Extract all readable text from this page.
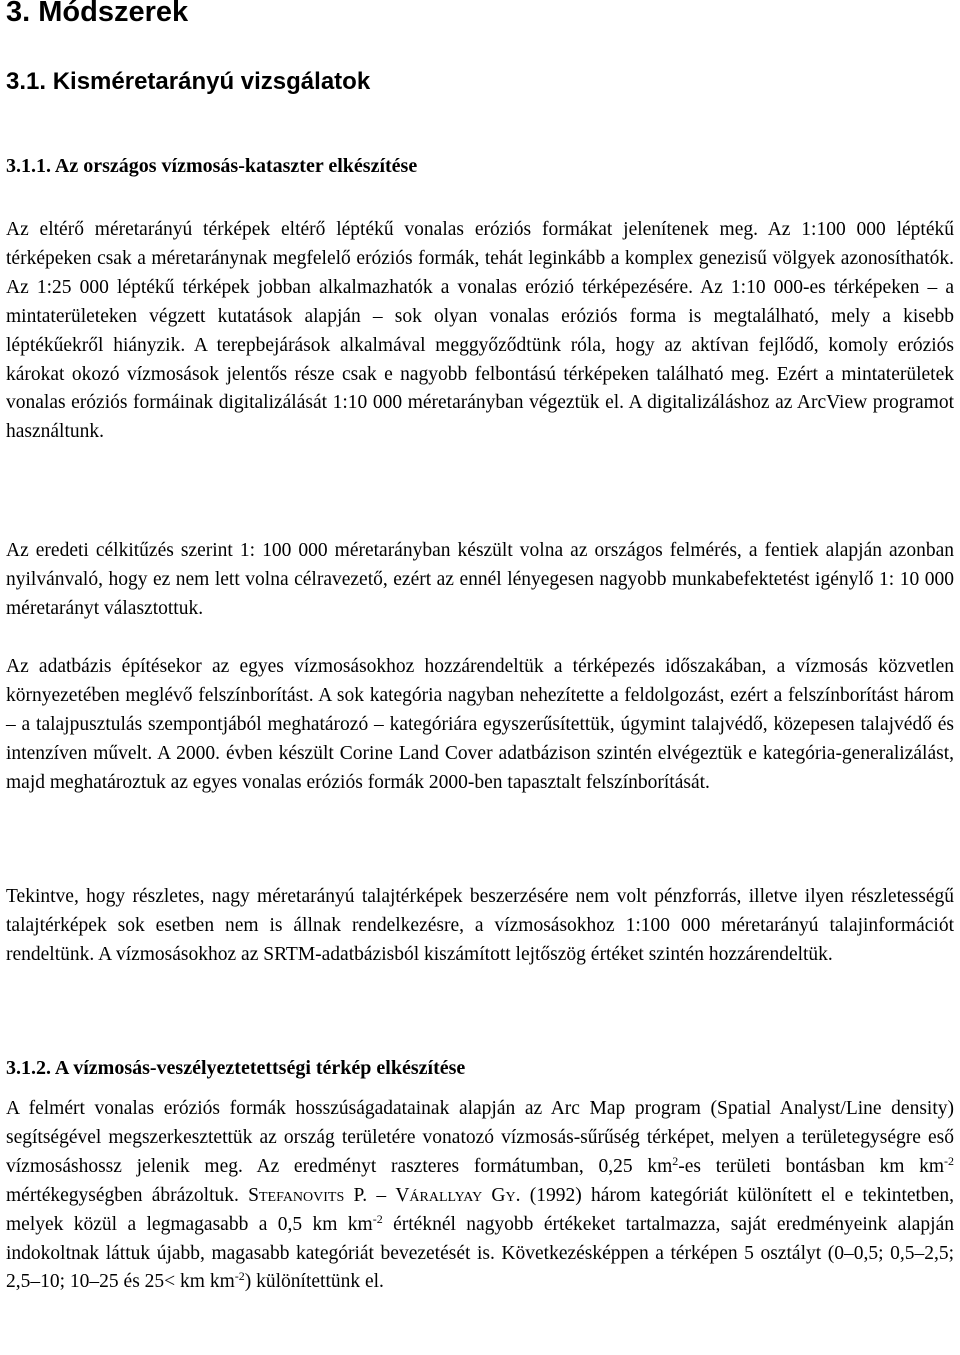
3. Módszerek
3.1. Kisméretarányú vizsgálatok
3.1.1. Az országos vízmosás-kataszter elkészítése

Az eltérő méretarányú térképek eltérő léptékű vonalas eróziós formákat jelenítenek meg. Az 1:100 000 léptékű térképeken csak a méretaránynak megfelelő eróziós formák, tehát leginkább a komplex genezisű völgyek azonosíthatók. Az 1:25 000 léptékű térképek jobban alkalmazhatók a vonalas erózió térképezésére. Az 1:10 000-es térképeken – a mintaterületeken végzett kutatások alapján – sok olyan vonalas eróziós forma is megtalálható, mely a kisebb léptékűekről hiányzik. A terepbejárások alkalmával meggyőződtünk róla, hogy az aktívan fejlődő, komoly eróziós károkat okozó vízmosások jelentős része csak e nagyobb felbontású térképeken található meg. Ezért a mintaterületek vonalas eróziós formáinak digitalizálását 1:10 000 méretarányban végeztük el. A digitalizáláshoz az ArcView programot használtunk.

Az eredeti célkitűzés szerint 1: 100 000 méretarányban készült volna az országos felmérés, a fentiek alapján azonban nyilvánvaló, hogy ez nem lett volna célravezető, ezért az ennél lényegesen nagyobb munkabefektetést igénylő 1: 10 000 méretarányt választottuk.

Az adatbázis építésekor az egyes vízmosásokhoz hozzárendeltük a térképezés időszakában, a vízmosás közvetlen környezetében meglévő felszínborítást. A sok kategória nagyban nehezítette a feldolgozást, ezért a felszínborítást három – a talajpusztulás szempontjából meghatározó – kategóriára egyszerűsítettük, úgymint talajvédő, közepesen talajvédő és intenzíven művelt. A 2000. évben készült Corine Land Cover adatbázison szintén elvégeztük e kategória-generalizálást, majd meghatároztuk az egyes vonalas eróziós formák 2000-ben tapasztalt felszínborítását.

Tekintve, hogy részletes, nagy méretarányú talajtérképek beszerzésére nem volt pénzforrás, illetve ilyen részletességű talajtérképek sok esetben nem is állnak rendelkezésre, a vízmosásokhoz 1:100 000 méretarányú talajinformációt rendeltünk. A vízmosásokhoz az SRTM-adatbázisból kiszámított lejtőszög értéket szintén hozzárendeltük.

3.1.2. A vízmosás-veszélyeztetettségi térkép elkészítése

A felmért vonalas eróziós formák hosszúságadatainak alapján az Arc Map program (Spatial Analyst/Line density) segítségével megszerkesztettük az ország területére vonatozó vízmosás-sűrűség térképet, melyen a területegységre eső vízmosáshossz jelenik meg. Az eredményt raszteres formátumban, 0,25 $km^2-es$ területi bontásban km $km^{-2}$ mértékegységben ábrázoltuk. Stefanovits P. – Várallyay Gy. (1992) három kategóriát különített el e tekintetben, melyek közül a legmagasabb a 0,5 km $km^{-2}$ értéknél nagyobb értékeket tartalmazza, saját eredményeink alapján indokoltnak láttuk újabb, magasabb kategóriát bevezetését is. Következésképpen a térképen 5 osztályt (0–0,5; 0,5–2,5; 2,5–10; 10–25 és 25< km $km^{-2}$) különítettünk el.
